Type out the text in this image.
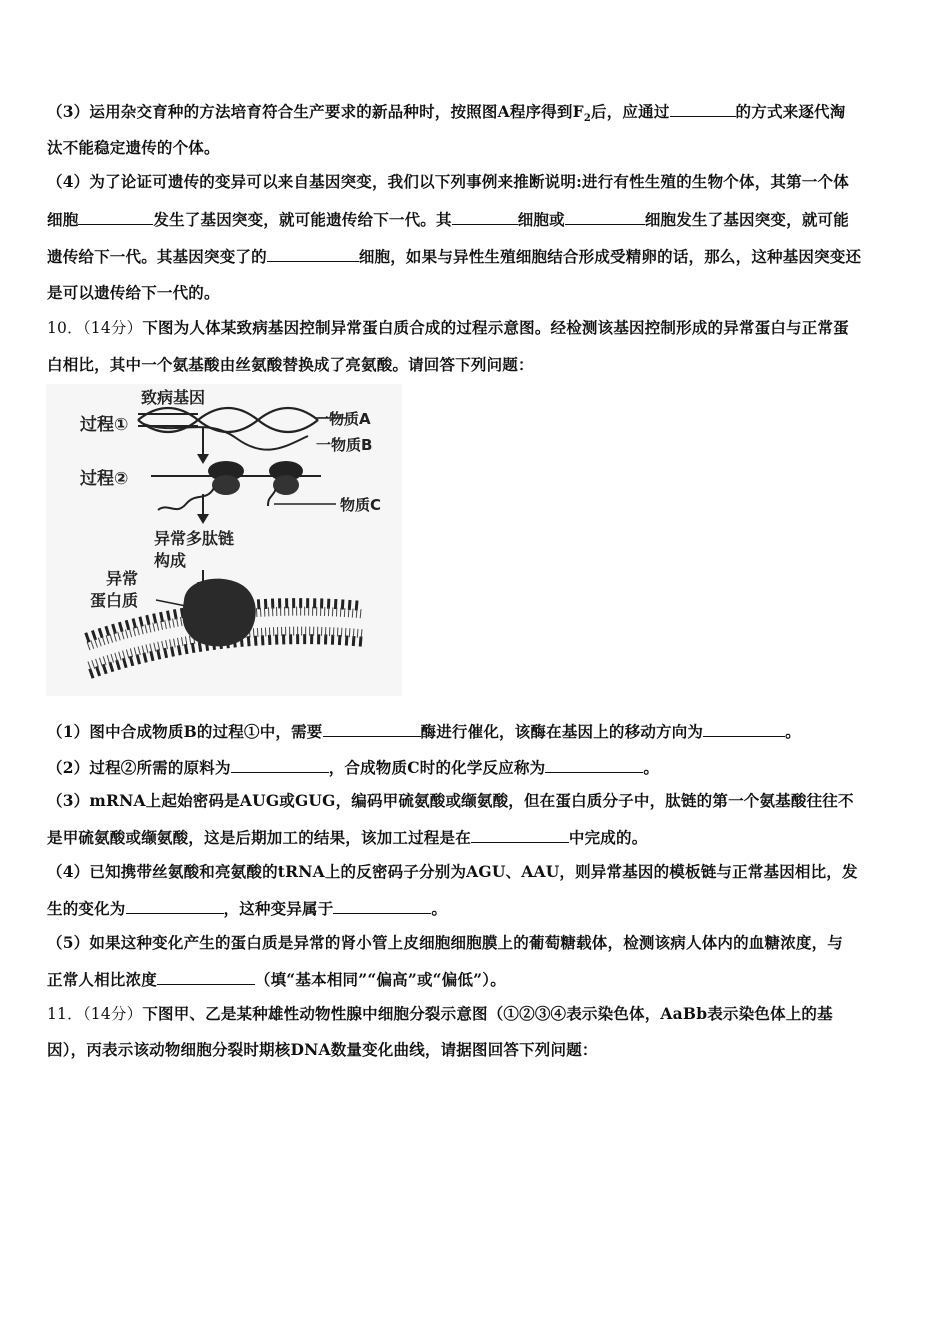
（3）运用杂交育种的方法培育符合生产要求的新品种时，按照图A程序得到$F_2$后，应通过	的方式来逐代淘
汰不能稳定遗传的个体。
（4）为了论证可遗传的变异可以来自基因突变，我们以下列事例来推断说明:进行有性生殖的生物个体，其第一个体
细胞	发生了基因突变，就可能遗传给下一代。其	细胞或	细胞发生了基因突变，就可能
遗传给下一代。其基因突变了的	细胞，如果与异性生殖细胞结合形成受精卵的话，那么，这种基因突变还
是可以遗传给下一代的。
10．（14分）下图为人体某致病基因控制异常蛋白质合成的过程示意图。经检测该基因控制形成的异常蛋白与正常蛋
白相比，其中一个氨基酸由丝氨酸替换成了亮氨酸。请回答下列问题：
致病基因
过程①	一物质A
一物质B
过程②
物质C
异常多肽链
构成
异常
蛋白质
（1）图中合成物质B的过程①中，需要	酶进行催化，该酶在基因上的移动方向为	。
（2）过程②所需的原料为	，合成物质C时的化学反应称为	。
（3）mRNA上起始密码是AUG或GUG，编码甲硫氨酸或缬氨酸，但在蛋白质分子中，肽链的第一个氨基酸往往不
是甲硫氨酸或缬氨酸，这是后期加工的结果，该加工过程是在	中完成的。
（4）已知携带丝氨酸和亮氨酸的tRNA上的反密码子分别为AGU、AAU，则异常基因的模板链与正常基因相比，发
生的变化为	，这种变异属于	。
（5）如果这种变化产生的蛋白质是异常的肾小管上皮细胞细胞膜上的葡萄糖载体，检测该病人体内的血糖浓度，与
正常人相比浓度	（填“基本相同”“偏高”或“偏低”）。
11．（14分）下图甲、乙是某种雄性动物性腺中细胞分裂示意图（①②③④表示染色体，AaBb表示染色体上的基
因），丙表示该动物细胞分裂时期核DNA数量变化曲线，请据图回答下列问题：
